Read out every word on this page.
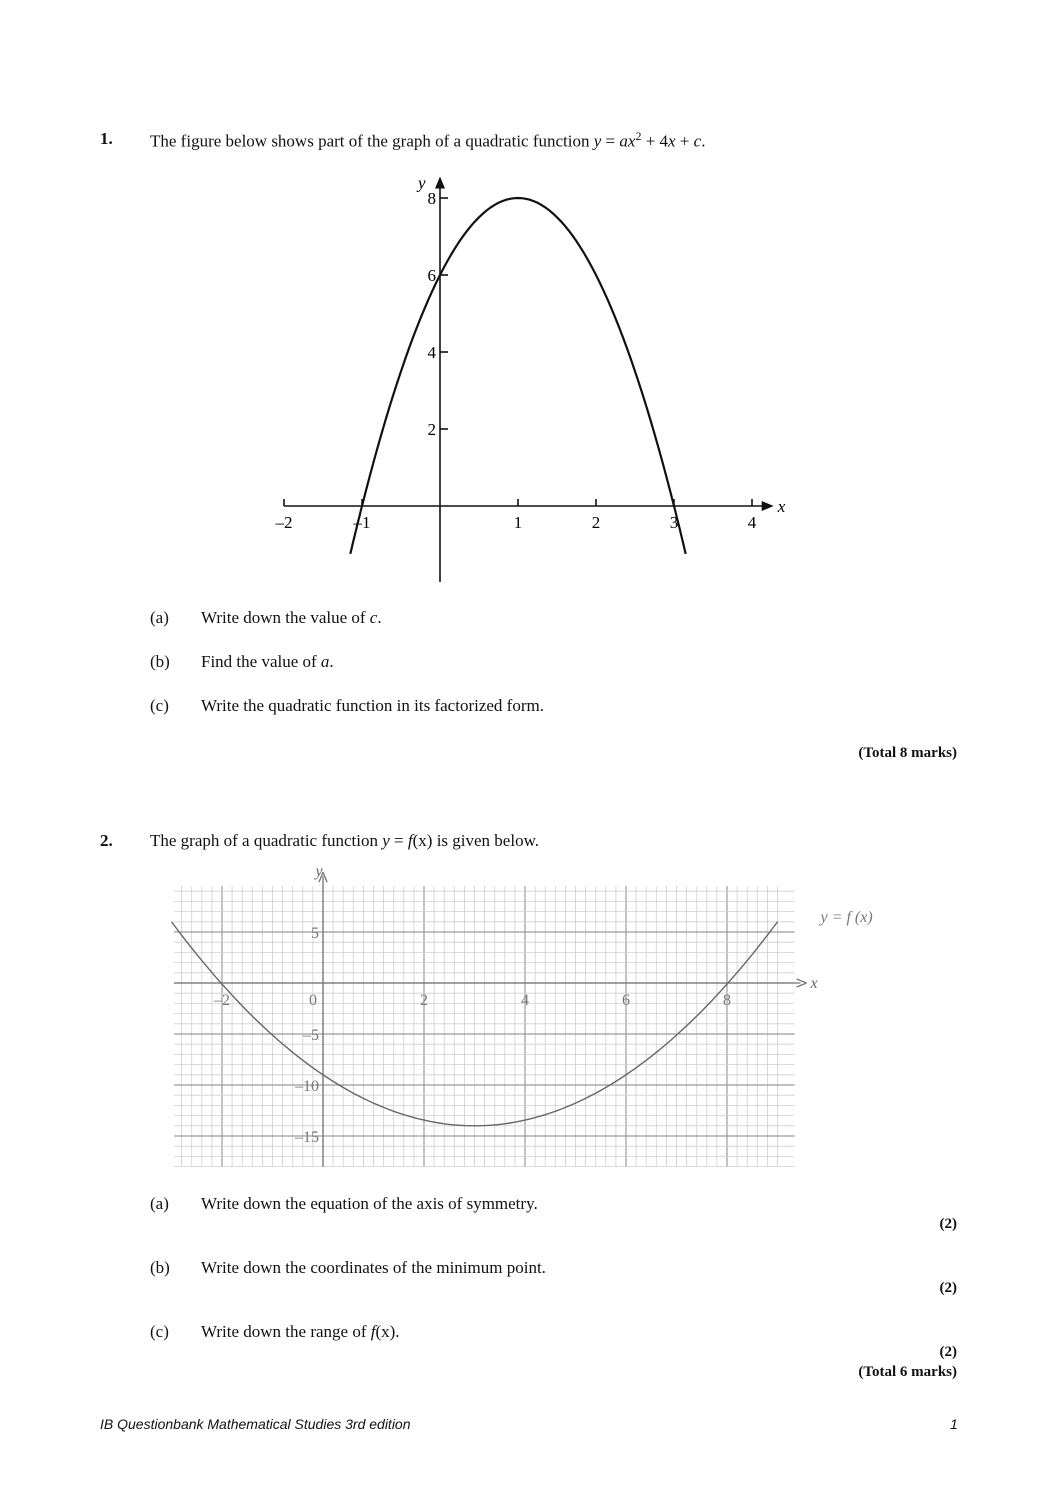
1. The figure below shows part of the graph of a quadratic function $y = ax^2 + 4x + c$.
x
y
–2	–1	1	2	3	4
2
4
6
8
(a) Write down the value of c.
(b) Find the value of a.
(c) Write the quadratic function in its factorized form.
(Total 8 marks)
2. The graph of a quadratic function y = f(x) is given below.
x
y
–2	2	4	6	8
0
5
–5
–10
–15
y = f (x)
(a) Write down the equation of the axis of symmetry.
(2)
(b) Write down the coordinates of the minimum point.
(2)
(c) Write down the range of f(x).
(2)
(Total 6 marks)
IB Questionbank Mathematical Studies 3rd edition	1
